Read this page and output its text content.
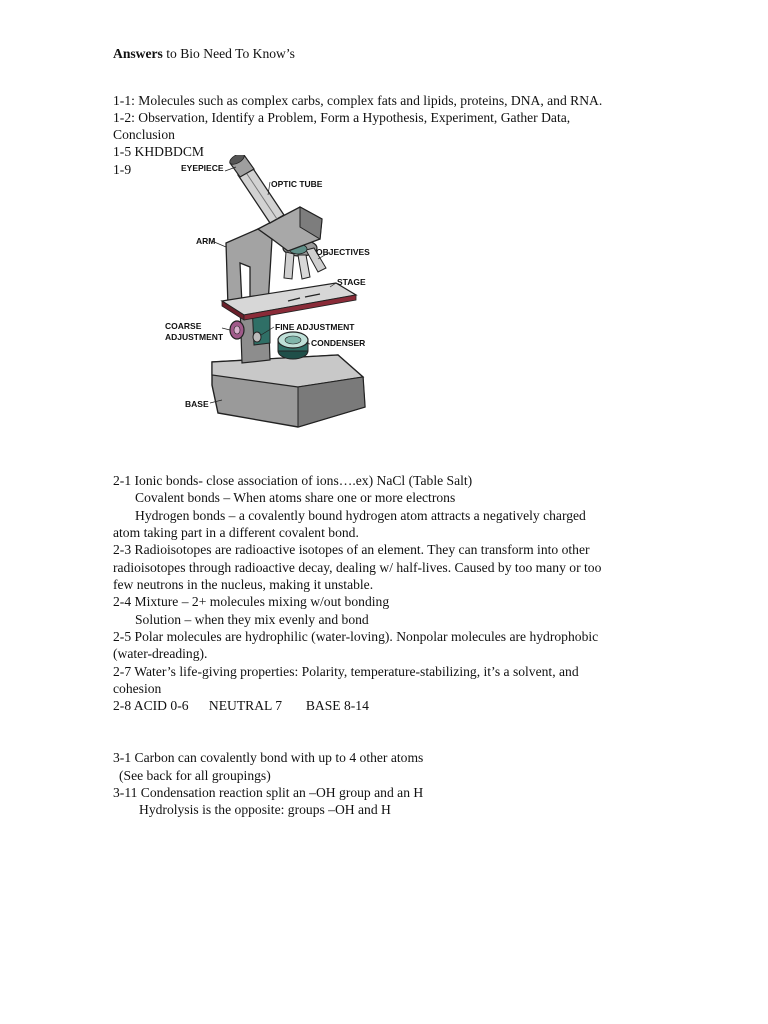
Answers to Bio Need To Know’s
1-1: Molecules such as complex carbs, complex fats and lipids, proteins, DNA, and RNA.
1-2: Observation, Identify a Problem, Form a Hypothesis, Experiment, Gather Data,
Conclusion
1-5 KHDBDCM
1-9	EYEPIECE
OPTIC TUBE
ARM
OBJECTIVES
STAGE
COARSE
ADJUSTMENT
FINE ADJUSTMENT
CONDENSER
BASE
2-1 Ionic bonds- close association of ions….ex) NaCl (Table Salt)
Covalent bonds – When atoms share one or more electrons
Hydrogen bonds – a covalently bound hydrogen atom attracts a negatively charged
atom taking part in a different covalent bond.
2-3 Radioisotopes are radioactive isotopes of an element. They can transform into other
radioisotopes through radioactive decay, dealing w/ half-lives. Caused by too many or too
few neutrons in the nucleus, making it unstable.
2-4 Mixture – 2+ molecules mixing w/out bonding
Solution – when they mix evenly and bond
2-5 Polar molecules are hydrophilic (water-loving). Nonpolar molecules are hydrophobic
(water-dreading).
2-7 Water’s life-giving properties: Polarity, temperature-stabilizing, it’s a solvent, and
cohesion
2-8 ACID 0-6      NEUTRAL 7       BASE 8-14
3-1 Carbon can covalently bond with up to 4 other atoms
(See back for all groupings)
3-11 Condensation reaction split an –OH group and an H
Hydrolysis is the opposite: groups –OH and H
